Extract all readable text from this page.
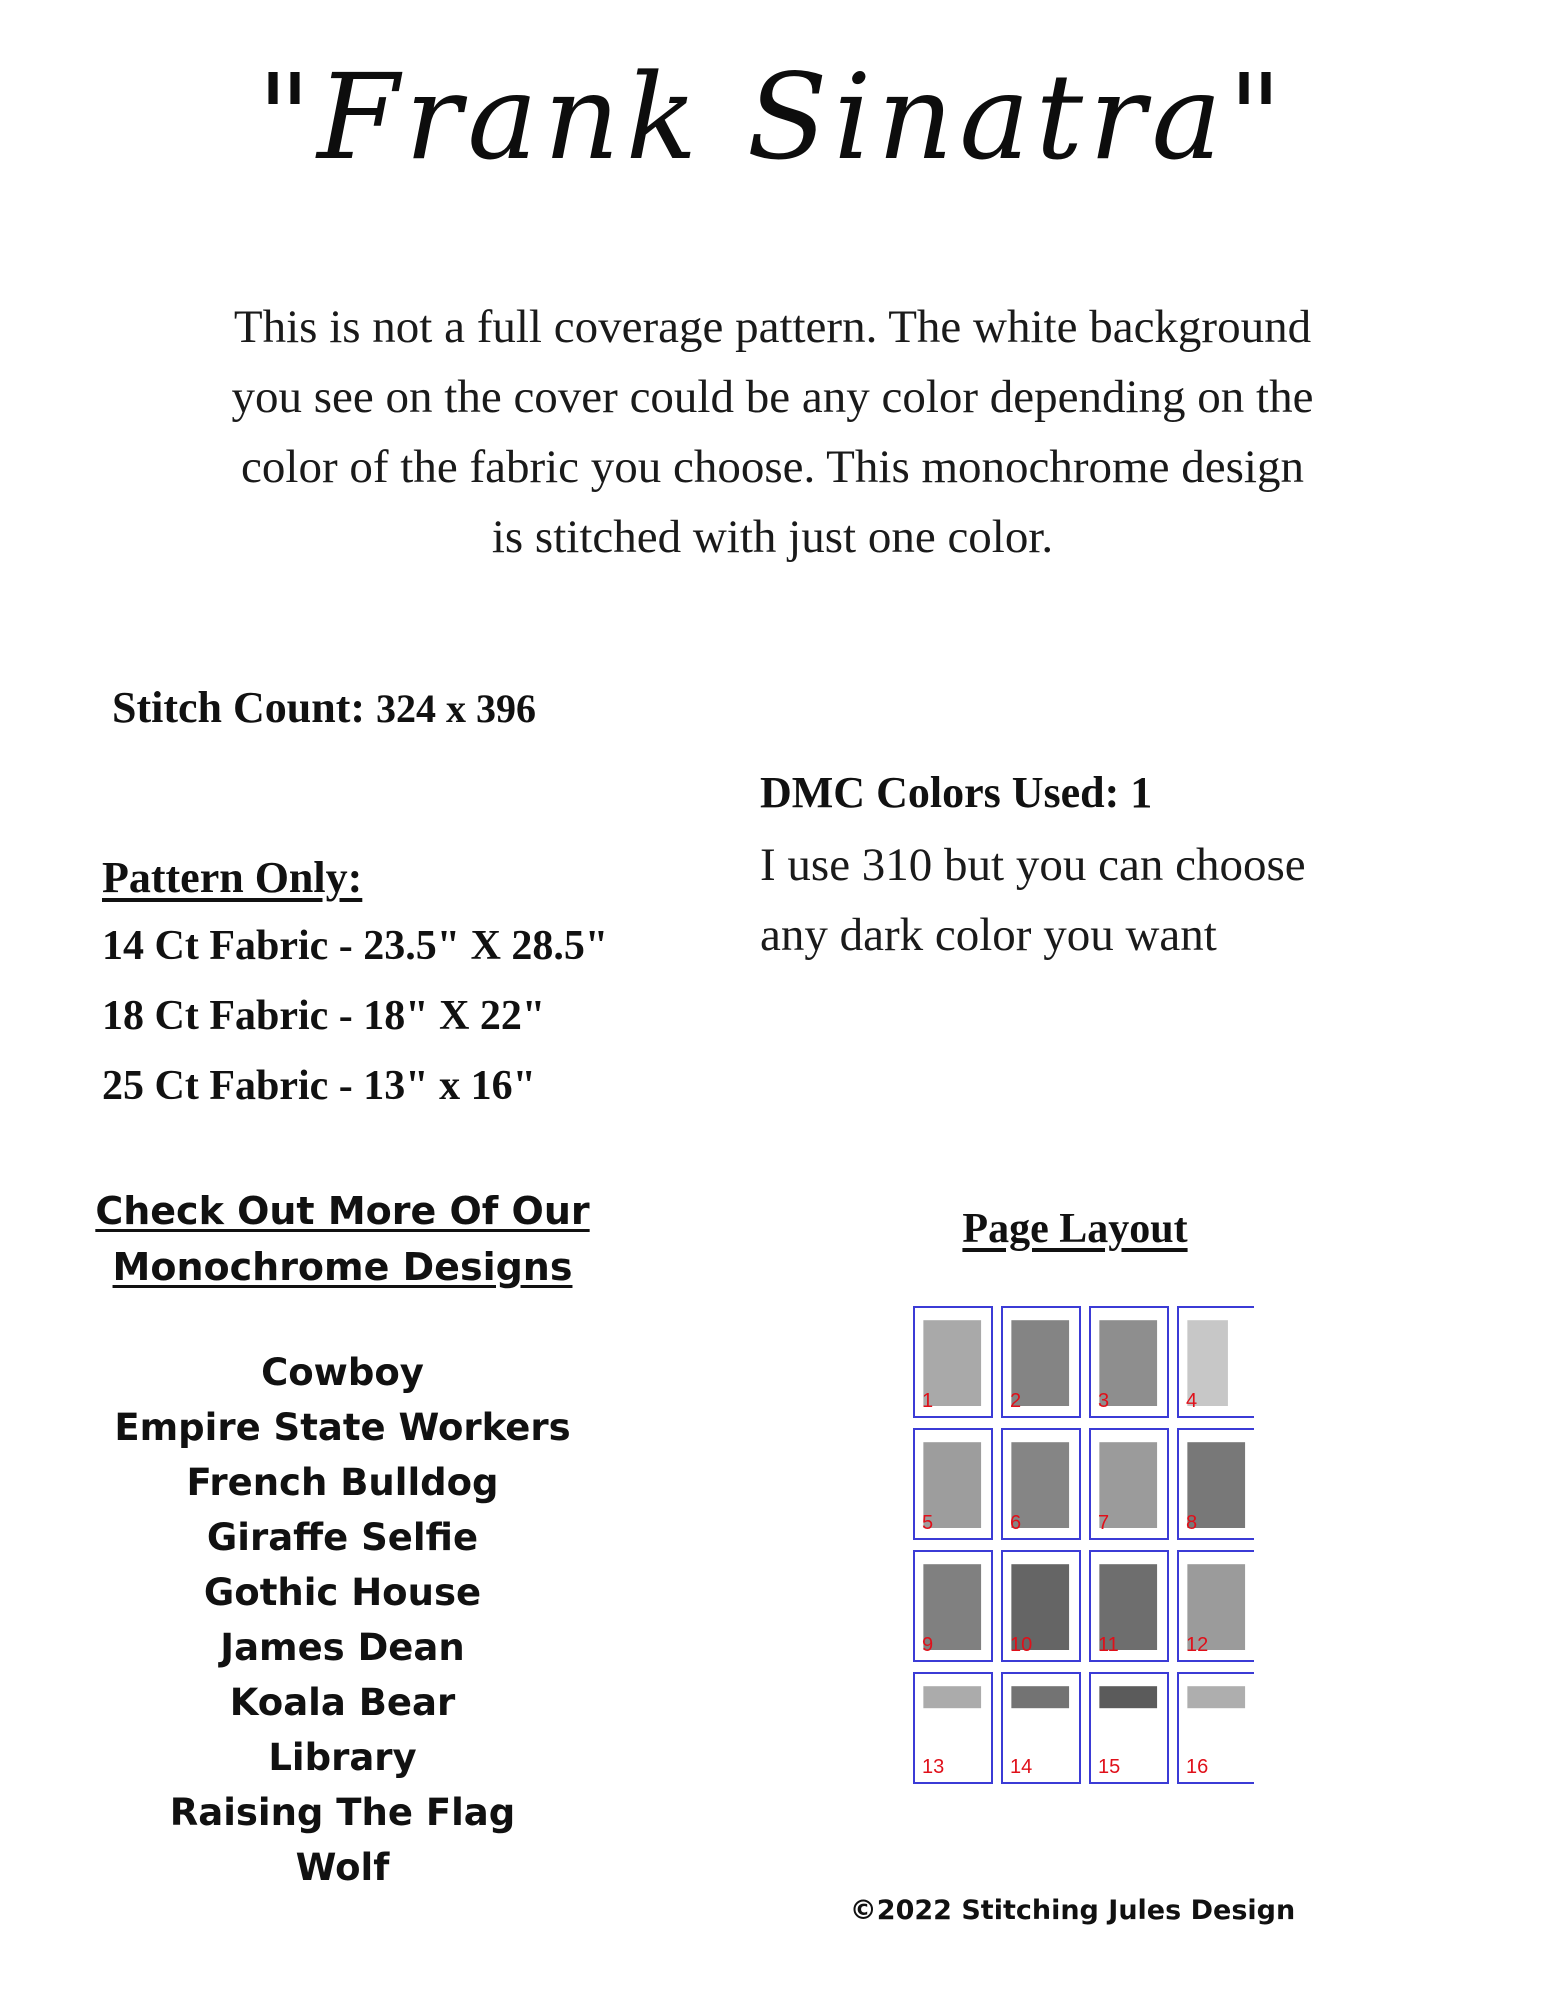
"Frank Sinatra"
This is not a full coverage pattern. The white background
you see on the cover could be any color depending on the
color of the fabric you choose. This monochrome design
is stitched with just one color.
Stitch Count: 324 x 396
DMC Colors Used: 1
I use 310 but you can choose
any dark color you want
Pattern Only:
14 Ct Fabric - 23.5" X 28.5"
18 Ct Fabric - 18" X 22"
25 Ct Fabric - 13" x 16"
Check Out More Of Our
Monochrome Designs
Cowboy
Empire State Workers
French Bulldog
Giraffe Selfie
Gothic House
James Dean
Koala Bear
Library
Raising The Flag
Wolf
Page Layout
1	2	3	4
5	6	7	8
9	10	11	12
13	14	15	16
©2022 Stitching Jules Design
